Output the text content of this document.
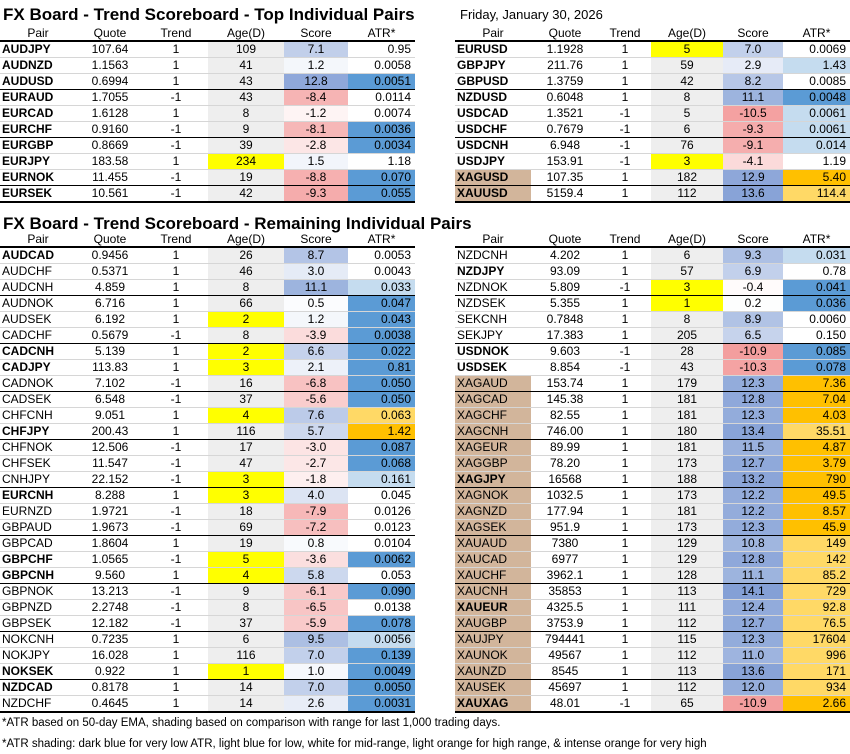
FX Board - Trend Scoreboard - Top Individual Pairs	Friday, January 30, 2026
Pair	Quote	Trend	Age(D)	Score	ATR*
AUDJPY	107.64	1	109	7.1	0.95
AUDNZD	1.1563	1	41	1.2	0.0058
AUDUSD	0.6994	1	43	12.8	0.0051
EURAUD	1.7055	-1	43	-8.4	0.0114
EURCAD	1.6128	1	8	-1.2	0.0074
EURCHF	0.9160	-1	9	-8.1	0.0036
EURGBP	0.8669	-1	39	-2.8	0.0034
EURJPY	183.58	1	234	1.5	1.18
EURNOK	11.455	-1	19	-8.8	0.070
EURSEK	10.561	-1	42	-9.3	0.055
Pair	Quote	Trend	Age(D)	Score	ATR*
EURUSD	1.1928	1	5	7.0	0.0069
GBPJPY	211.76	1	59	2.9	1.43
GBPUSD	1.3759	1	42	8.2	0.0085
NZDUSD	0.6048	1	8	11.1	0.0048
USDCAD	1.3521	-1	5	-10.5	0.0061
USDCHF	0.7679	-1	6	-9.3	0.0061
USDCNH	6.948	-1	76	-9.1	0.014
USDJPY	153.91	-1	3	-4.1	1.19
XAGUSD	107.35	1	182	12.9	5.40
XAUUSD	5159.4	1	112	13.6	114.4
FX Board - Trend Scoreboard - Remaining Individual Pairs
Pair	Quote	Trend	Age(D)	Score	ATR*
AUDCAD	0.9456	1	26	8.7	0.0053
AUDCHF	0.5371	1	46	3.0	0.0043
AUDCNH	4.859	1	8	11.1	0.033
AUDNOK	6.716	1	66	0.5	0.047
AUDSEK	6.192	1	2	1.2	0.043
CADCHF	0.5679	-1	8	-3.9	0.0038
CADCNH	5.139	1	2	6.6	0.022
CADJPY	113.83	1	3	2.1	0.81
CADNOK	7.102	-1	16	-6.8	0.050
CADSEK	6.548	-1	37	-5.6	0.050
CHFCNH	9.051	1	4	7.6	0.063
CHFJPY	200.43	1	116	5.7	1.42
CHFNOK	12.506	-1	17	-3.0	0.087
CHFSEK	11.547	-1	47	-2.7	0.068
CNHJPY	22.152	-1	3	-1.8	0.161
EURCNH	8.288	1	3	4.0	0.045
EURNZD	1.9721	-1	18	-7.9	0.0126
GBPAUD	1.9673	-1	69	-7.2	0.0123
GBPCAD	1.8604	1	19	0.8	0.0104
GBPCHF	1.0565	-1	5	-3.6	0.0062
GBPCNH	9.560	1	4	5.8	0.053
GBPNOK	13.213	-1	9	-6.1	0.090
GBPNZD	2.2748	-1	8	-6.5	0.0138
GBPSEK	12.182	-1	37	-5.9	0.078
NOKCNH	0.7235	1	6	9.5	0.0056
NOKJPY	16.028	1	116	7.0	0.139
NOKSEK	0.922	1	1	1.0	0.0049
NZDCAD	0.8178	1	14	7.0	0.0050
NZDCHF	0.4645	1	14	2.6	0.0031
Pair	Quote	Trend	Age(D)	Score	ATR*
NZDCNH	4.202	1	6	9.3	0.031
NZDJPY	93.09	1	57	6.9	0.78
NZDNOK	5.809	-1	3	-0.4	0.041
NZDSEK	5.355	1	1	0.2	0.036
SEKCNH	0.7848	1	8	8.9	0.0060
SEKJPY	17.383	1	205	6.5	0.150
USDNOK	9.603	-1	28	-10.9	0.085
USDSEK	8.854	-1	43	-10.3	0.078
XAGAUD	153.74	1	179	12.3	7.36
XAGCAD	145.38	1	181	12.8	7.04
XAGCHF	82.55	1	181	12.3	4.03
XAGCNH	746.00	1	180	13.4	35.51
XAGEUR	89.99	1	181	11.5	4.87
XAGGBP	78.20	1	173	12.7	3.79
XAGJPY	16568	1	188	13.2	790
XAGNOK	1032.5	1	173	12.2	49.5
XAGNZD	177.94	1	181	12.2	8.57
XAGSEK	951.9	1	173	12.3	45.9
XAUAUD	7380	1	129	10.8	149
XAUCAD	6977	1	129	12.8	142
XAUCHF	3962.1	1	128	11.1	85.2
XAUCNH	35853	1	113	14.1	729
XAUEUR	4325.5	1	111	12.4	92.8
XAUGBP	3753.9	1	112	12.7	76.5
XAUJPY	794441	1	115	12.3	17604
XAUNOK	49567	1	112	11.0	996
XAUNZD	8545	1	113	13.6	171
XAUSEK	45697	1	112	12.0	934
XAUXAG	48.01	-1	65	-10.9	2.66
*ATR based on 50-day EMA, shading based on comparison with range for last 1,000 trading days.
*ATR shading: dark blue for very low ATR, light blue for low, white for mid-range, light orange for high range, & intense orange for very high
